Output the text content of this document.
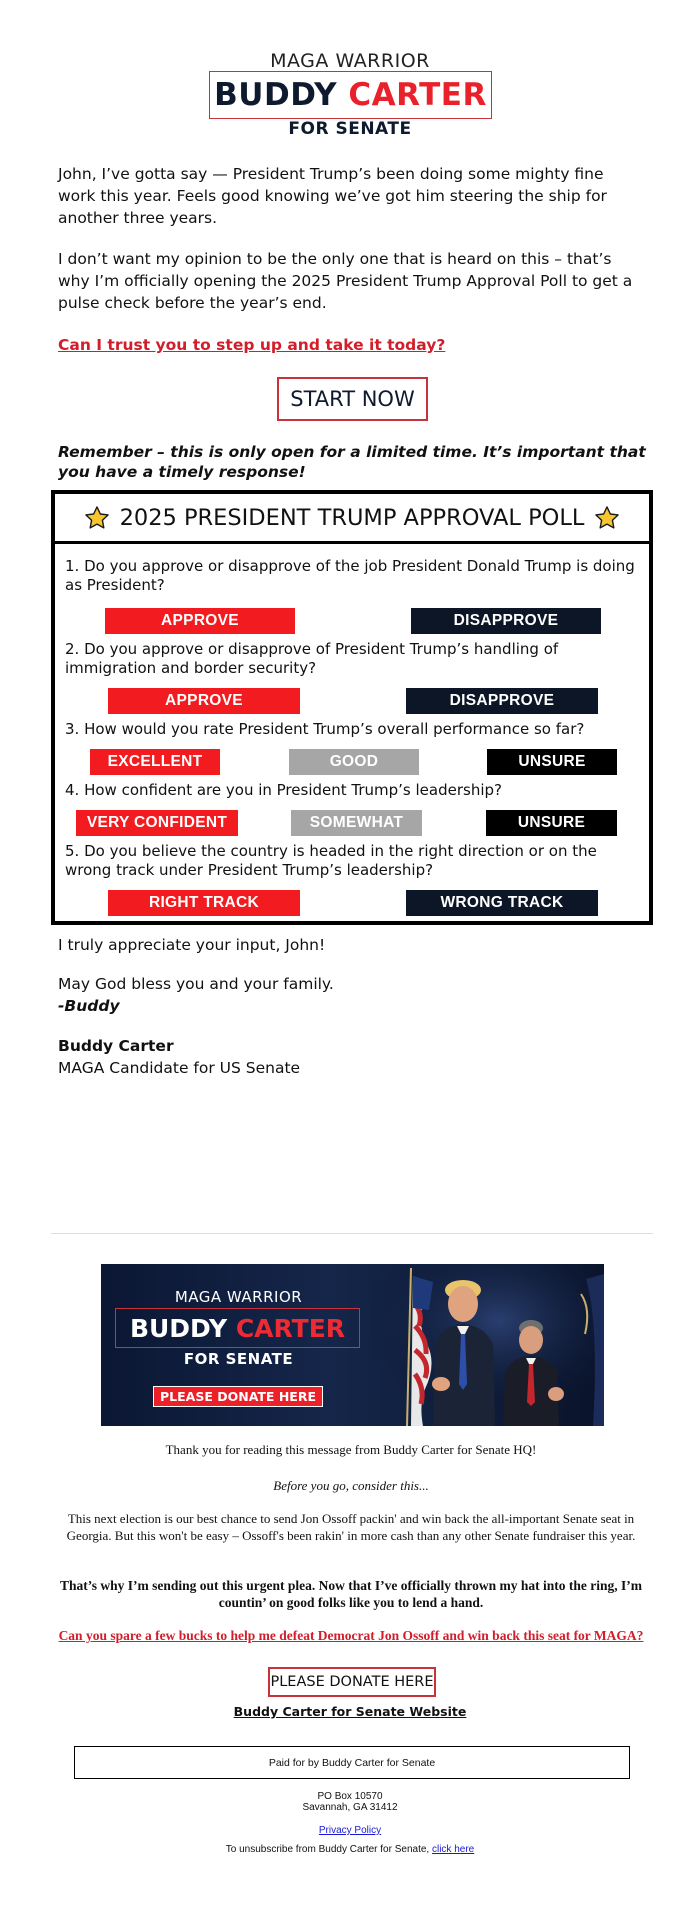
MAGA WARRIOR
BUDDY CARTER
FOR SENATE
John, I’ve gotta say — President Trump’s been doing some mighty fine work this year. Feels good knowing we’ve got him steering the ship for another three years.
I don’t want my opinion to be the only one that is heard on this – that’s why I’m officially opening the 2025 President Trump Approval Poll to get a pulse check before the year’s end.
Can I trust you to step up and take it today?
START NOW
Remember – this is only open for a limited time. It’s important that you have a timely response!
2025 PRESIDENT TRUMP APPROVAL POLL
1. Do you approve or disapprove of the job President Donald Trump is doing as President?
APPROVE	DISAPPROVE
2. Do you approve or disapprove of President Trump’s handling of immigration and border security?
APPROVE	DISAPPROVE
3. How would you rate President Trump’s overall performance so far?
EXCELLENT	GOOD	UNSURE
4. How confident are you in President Trump’s leadership?
VERY CONFIDENT	SOMEWHAT	UNSURE
5. Do you believe the country is headed in the right direction or on the wrong track under President Trump’s leadership?
RIGHT TRACK	WRONG TRACK
I truly appreciate your input, John!
May God bless you and your family.
-Buddy
Buddy Carter
MAGA Candidate for US Senate
MAGA WARRIOR
BUDDY CARTER
FOR SENATE
PLEASE DONATE HERE
Thank you for reading this message from Buddy Carter for Senate HQ!
Before you go, consider this...
This next election is our best chance to send Jon Ossoff packin' and win back the all-important Senate seat in Georgia. But this won't be easy – Ossoff's been rakin' in more cash than any other Senate fundraiser this year.
That’s why I’m sending out this urgent plea. Now that I’ve officially thrown my hat into the ring, I’m countin’ on good folks like you to lend a hand.
Can you spare a few bucks to help me defeat Democrat Jon Ossoff and win back this seat for MAGA?
PLEASE DONATE HERE
Buddy Carter for Senate Website
Paid for by Buddy Carter for Senate
PO Box 10570
Savannah, GA 31412
Privacy Policy
To unsubscribe from Buddy Carter for Senate, click here
